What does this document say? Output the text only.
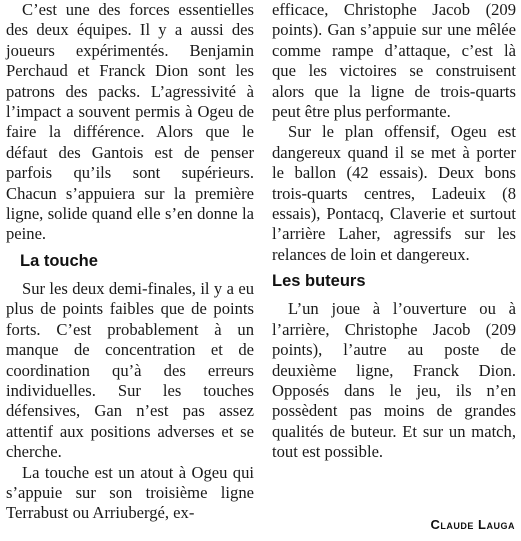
C’est une des forces essentielles des deux équipes. Il y a aussi des joueurs expérimentés. Benjamin Perchaud et Franck Dion sont les patrons des packs. L’agressivité à l’impact a souvent permis à Ogeu de faire la différence. Alors que le défaut des Gantois est de penser parfois qu’ils sont supérieurs. Chacun s’appuiera sur la première ligne, solide quand elle s’en donne la peine.

La touche

Sur les deux demi-finales, il y a eu plus de points faibles que de points forts. C’est probablement à un manque de concentration et de coordination qu’à des erreurs individuelles. Sur les touches défensives, Gan n’est pas assez attentif aux positions adverses et se cherche.

La touche est un atout à Ogeu qui s’appuie sur son troisième ligne Terrabust ou Arriubergé, ex-

efficace, Christophe Jacob (209 points). Gan s’appuie sur une mêlée comme rampe d’attaque, c’est là que les victoires se construisent alors que la ligne de trois-quarts peut être plus performante.

Sur le plan offensif, Ogeu est dangereux quand il se met à porter le ballon (42 essais). Deux bons trois-quarts centres, Ladeuix (8 essais), Pontacq, Claverie et surtout l’arrière Laher, agressifs sur les relances de loin et dangereux.

Les buteurs

L’un joue à l’ouverture ou à l’arrière, Christophe Jacob (209 points), l’autre au poste de deuxième ligne, Franck Dion. Opposés dans le jeu, ils n’en possèdent pas moins de grandes qualités de buteur. Et sur un match, tout est possible.

Claude Lauga
